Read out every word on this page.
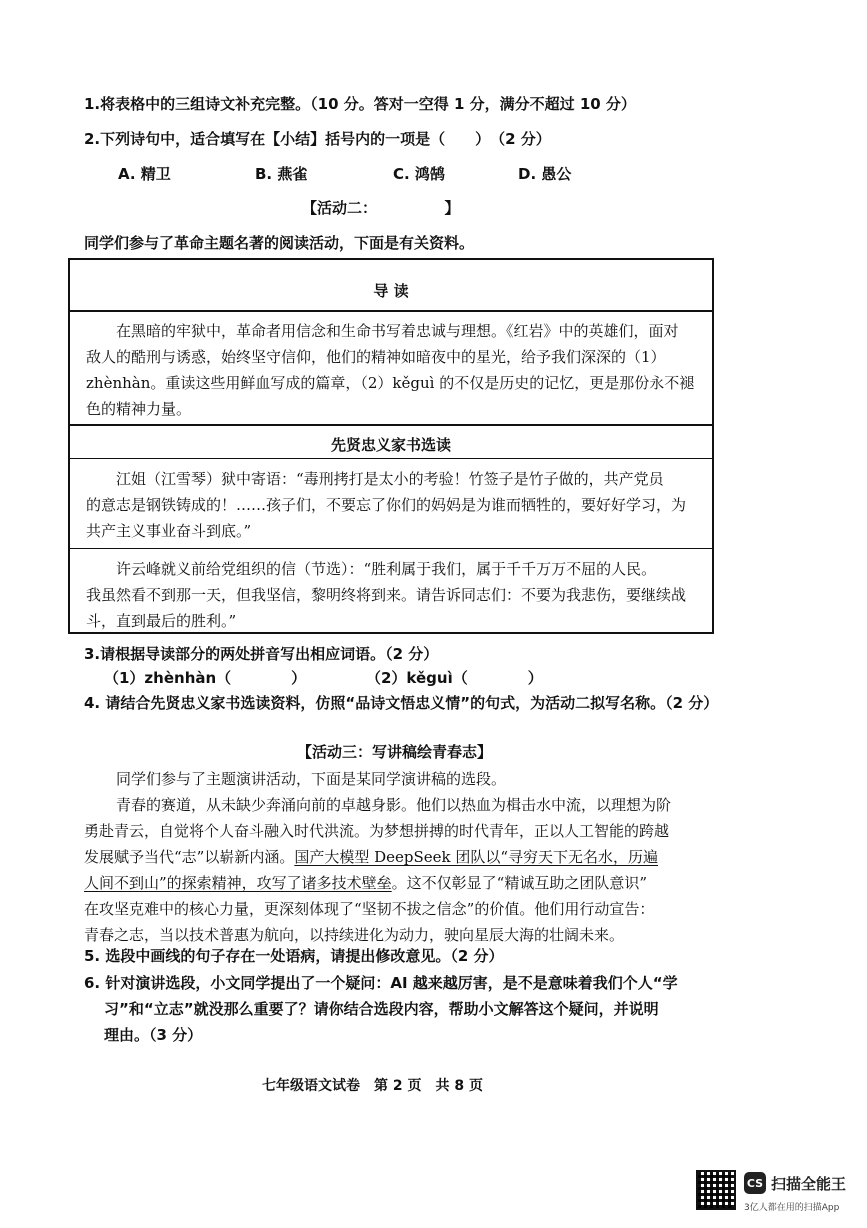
1.将表格中的三组诗文补充完整。（10 分。答对一空得 1 分，满分不超过 10 分）
2.下列诗句中，适合填写在【小结】括号内的一项是（　　）　（2 分）
A. 精卫	B. 燕雀	C. 鸿鹄	D. 愚公
【活动二：　　　　　】
同学们参与了革命主题名著的阅读活动，下面是有关资料。
导 读
　　在黑暗的牢狱中，革命者用信念和生命书写着忠诚与理想。《红岩》中的英雄们，面对
敌人的酷刑与诱惑，始终坚守信仰，他们的精神如暗夜中的星光，给予我们深深的（1）
zhènhàn。重读这些用鲜血写成的篇章，（2）kěguì 的不仅是历史的记忆，更是那份永不褪
色的精神力量。
先贤忠义家书选读
　　江姐（江雪琴）狱中寄语：“毒刑拷打是太小的考验！竹签子是竹子做的，共产党员
的意志是钢铁铸成的！……孩子们，不要忘了你们的妈妈是为谁而牺牲的，要好好学习，为
共产主义事业奋斗到底。”
　　许云峰就义前给党组织的信（节选）：“胜利属于我们，属于千千万万不屈的人民。
我虽然看不到那一天，但我坚信，黎明终将到来。请告诉同志们：不要为我悲伤，要继续战
斗，直到最后的胜利。”
3.请根据导读部分的两处拼音写出相应词语。（2 分）
（1）zhènhàn（　　　　）	（2）kěguì（　　　　）
4. 请结合先贤忠义家书选读资料，仿照“品诗文悟忠义情”的句式，为活动二拟写名称。（2 分）
【活动三：写讲稿绘青春志】
同学们参与了主题演讲活动，下面是某同学演讲稿的选段。
青春的赛道，从未缺少奔涌向前的卓越身影。他们以热血为楫击水中流，以理想为阶
勇赴青云，自觉将个人奋斗融入时代洪流。为梦想拼搏的时代青年，正以人工智能的跨越
发展赋予当代“志”以崭新内涵。国产大模型 DeepSeek 团队以“寻穷天下无名水，历遍
人间不到山”的探索精神，攻写了诸多技术壁垒。这不仅彰显了“精诚互助之团队意识”
在攻坚克难中的核心力量，更深刻体现了“坚韧不拔之信念”的价值。他们用行动宣告：
青春之志，当以技术普惠为航向，以持续进化为动力，驶向星辰大海的壮阔未来。
5. 选段中画线的句子存在一处语病，请提出修改意见。（2 分）
6. 针对演讲选段，小文同学提出了一个疑问：AI 越来越厉害，是不是意味着我们个人“学
习”和“立志”就没那么重要了？请你结合选段内容，帮助小文解答这个疑问，并说明
理由。（3 分）
七年级语文试卷　第 2 页　共 8 页
CS 扫描全能王
3亿人都在用的扫描App
